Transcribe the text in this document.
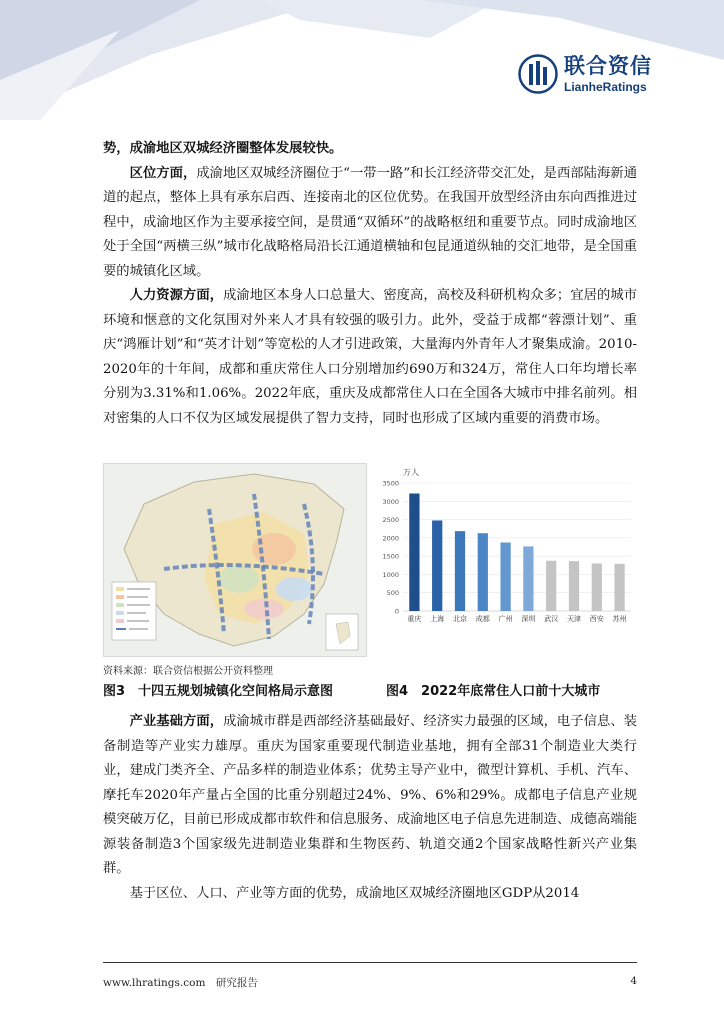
联合资信
LianheRatings

势，成渝地区双城经济圈整体发展较快。

区位方面，成渝地区双城经济圈位于“一带一路”和长江经济带交汇处，是西部陆海新通道的起点，整体上具有承东启西、连接南北的区位优势。在我国开放型经济由东向西推进过程中，成渝地区作为主要承接空间，是贯通“双循环”的战略枢纽和重要节点。同时成渝地区处于全国“两横三纵”城市化战略格局沿长江通道横轴和包昆通道纵轴的交汇地带，是全国重要的城镇化区域。

人力资源方面，成渝地区本身人口总量大、密度高，高校及科研机构众多；宜居的城市环境和惬意的文化氛围对外来人才具有较强的吸引力。此外，受益于成都“蓉漂计划”、重庆“鸿雁计划”和“英才计划”等宽松的人才引进政策，大量海内外青年人才聚集成渝。2010-2020年的十年间，成都和重庆常住人口分别增加约690万和324万，常住人口年均增长率分别为3.31%和1.06%。2022年底，重庆及成都常住人口在全国各大城市中排名前列。相对密集的人口不仅为区域发展提供了智力支持，同时也形成了区域内重要的消费市场。

万人
0
500
1000
1500
2000
2500
3000
3500
重庆 上海 北京 成都 广州 深圳 武汉 天津 西安 苏州
资料来源：联合资信根据公开资料整理
图3　十四五规划城镇化空间格局示意图	图4　2022年底常住人口前十大城市

产业基础方面，成渝城市群是西部经济基础最好、经济实力最强的区域，电子信息、装备制造等产业实力雄厚。重庆为国家重要现代制造业基地，拥有全部31个制造业大类行业，建成门类齐全、产品多样的制造业体系；优势主导产业中，微型计算机、手机、汽车、摩托车2020年产量占全国的比重分别超过24%、9%、6%和29%。成都电子信息产业规模突破万亿，目前已形成成都市软件和信息服务、成渝地区电子信息先进制造、成德高端能源装备制造3个国家级先进制造业集群和生物医药、轨道交通2个国家战略性新兴产业集群。

基于区位、人口、产业等方面的优势，成渝地区双城经济圈地区GDP从2014

www.lhratings.com　研究报告	4
